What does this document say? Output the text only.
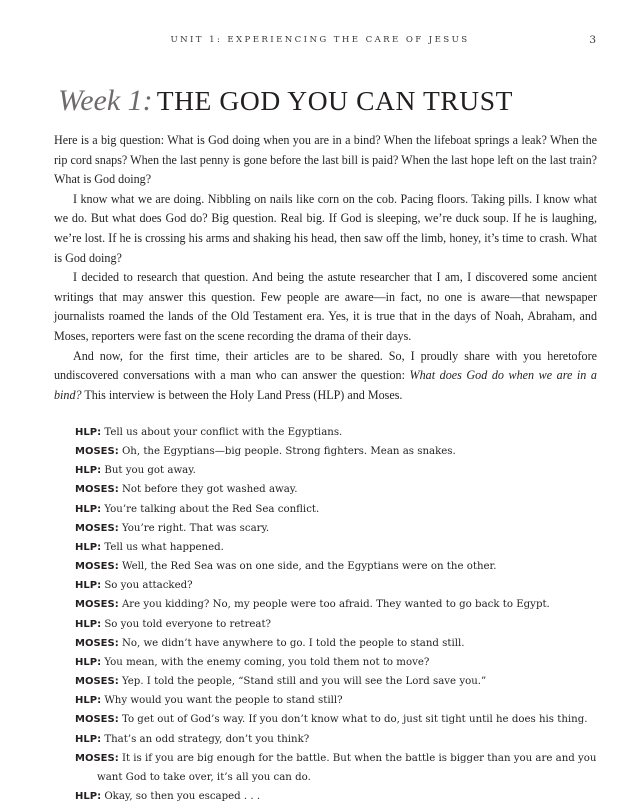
UNIT 1: EXPERIENCING THE CARE OF JESUS	3
Week 1: THE GOD YOU CAN TRUST

Here is a big question: What is God doing when you are in a bind? When the lifeboat springs a leak? When the rip cord snaps? When the last penny is gone before the last bill is paid? When the last hope left on the last train? What is God doing?

I know what we are doing. Nibbling on nails like corn on the cob. Pacing floors. Taking pills. I know what we do. But what does God do? Big question. Real big. If God is sleeping, we’re duck soup. If he is laughing, we’re lost. If he is crossing his arms and shaking his head, then saw off the limb, honey, it’s time to crash. What is God doing?

I decided to research that question. And being the astute researcher that I am, I discovered some ancient writings that may answer this question. Few people are aware—in fact, no one is aware—that newspaper journalists roamed the lands of the Old Testament era. Yes, it is true that in the days of Noah, Abraham, and Moses, reporters were fast on the scene recording the drama of their days.

And now, for the first time, their articles are to be shared. So, I proudly share with you heretofore undiscovered conversations with a man who can answer the question: What does God do when we are in a bind? This interview is between the Holy Land Press (HLP) and Moses.

HLP: Tell us about your conflict with the Egyptians.
MOSES: Oh, the Egyptians—big people. Strong fighters. Mean as snakes.
HLP: But you got away.
MOSES: Not before they got washed away.
HLP: You’re talking about the Red Sea conflict.
MOSES: You’re right. That was scary.
HLP: Tell us what happened.
MOSES: Well, the Red Sea was on one side, and the Egyptians were on the other.
HLP: So you attacked?
MOSES: Are you kidding? No, my people were too afraid. They wanted to go back to Egypt.
HLP: So you told everyone to retreat?
MOSES: No, we didn’t have anywhere to go. I told the people to stand still.
HLP: You mean, with the enemy coming, you told them not to move?
MOSES: Yep. I told the people, “Stand still and you will see the Lord save you.”
HLP: Why would you want the people to stand still?
MOSES: To get out of God’s way. If you don’t know what to do, just sit tight until he does his thing.
HLP: That’s an odd strategy, don’t you think?
MOSES: It is if you are big enough for the battle. But when the battle is bigger than you are and you want God to take over, it’s all you can do.
HLP: Okay, so then you escaped . . .
